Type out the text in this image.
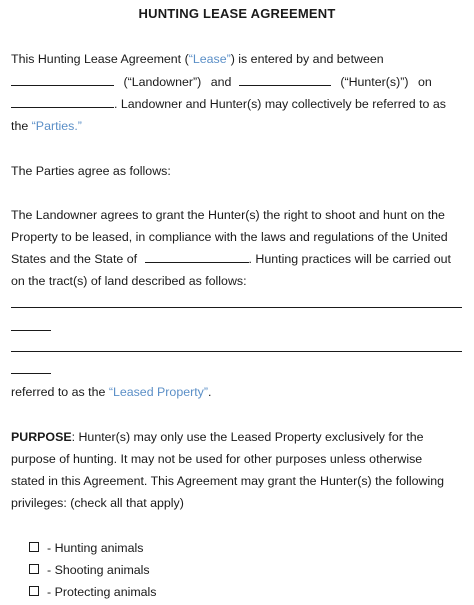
HUNTING LEASE AGREEMENT
This Hunting Lease Agreement (“Lease”) is entered by and between
(“Landowner”) and	(“Hunter(s)”) on
. Landowner and Hunter(s) may collectively be referred to as
the “Parties.”
The Parties agree as follows:
The Landowner agrees to grant the Hunter(s) the right to shoot and hunt on the
Property to be leased, in compliance with the laws and regulations of the United
States and the State of	. Hunting practices will be carried out
on the tract(s) of land described as follows:
referred to as the “Leased Property”.
PURPOSE: Hunter(s) may only use the Leased Property exclusively for the
purpose of hunting. It may not be used for other purposes unless otherwise
stated in this Agreement. This Agreement may grant the Hunter(s) the following
privileges: (check all that apply)
- Hunting animals
- Shooting animals
- Protecting animals
